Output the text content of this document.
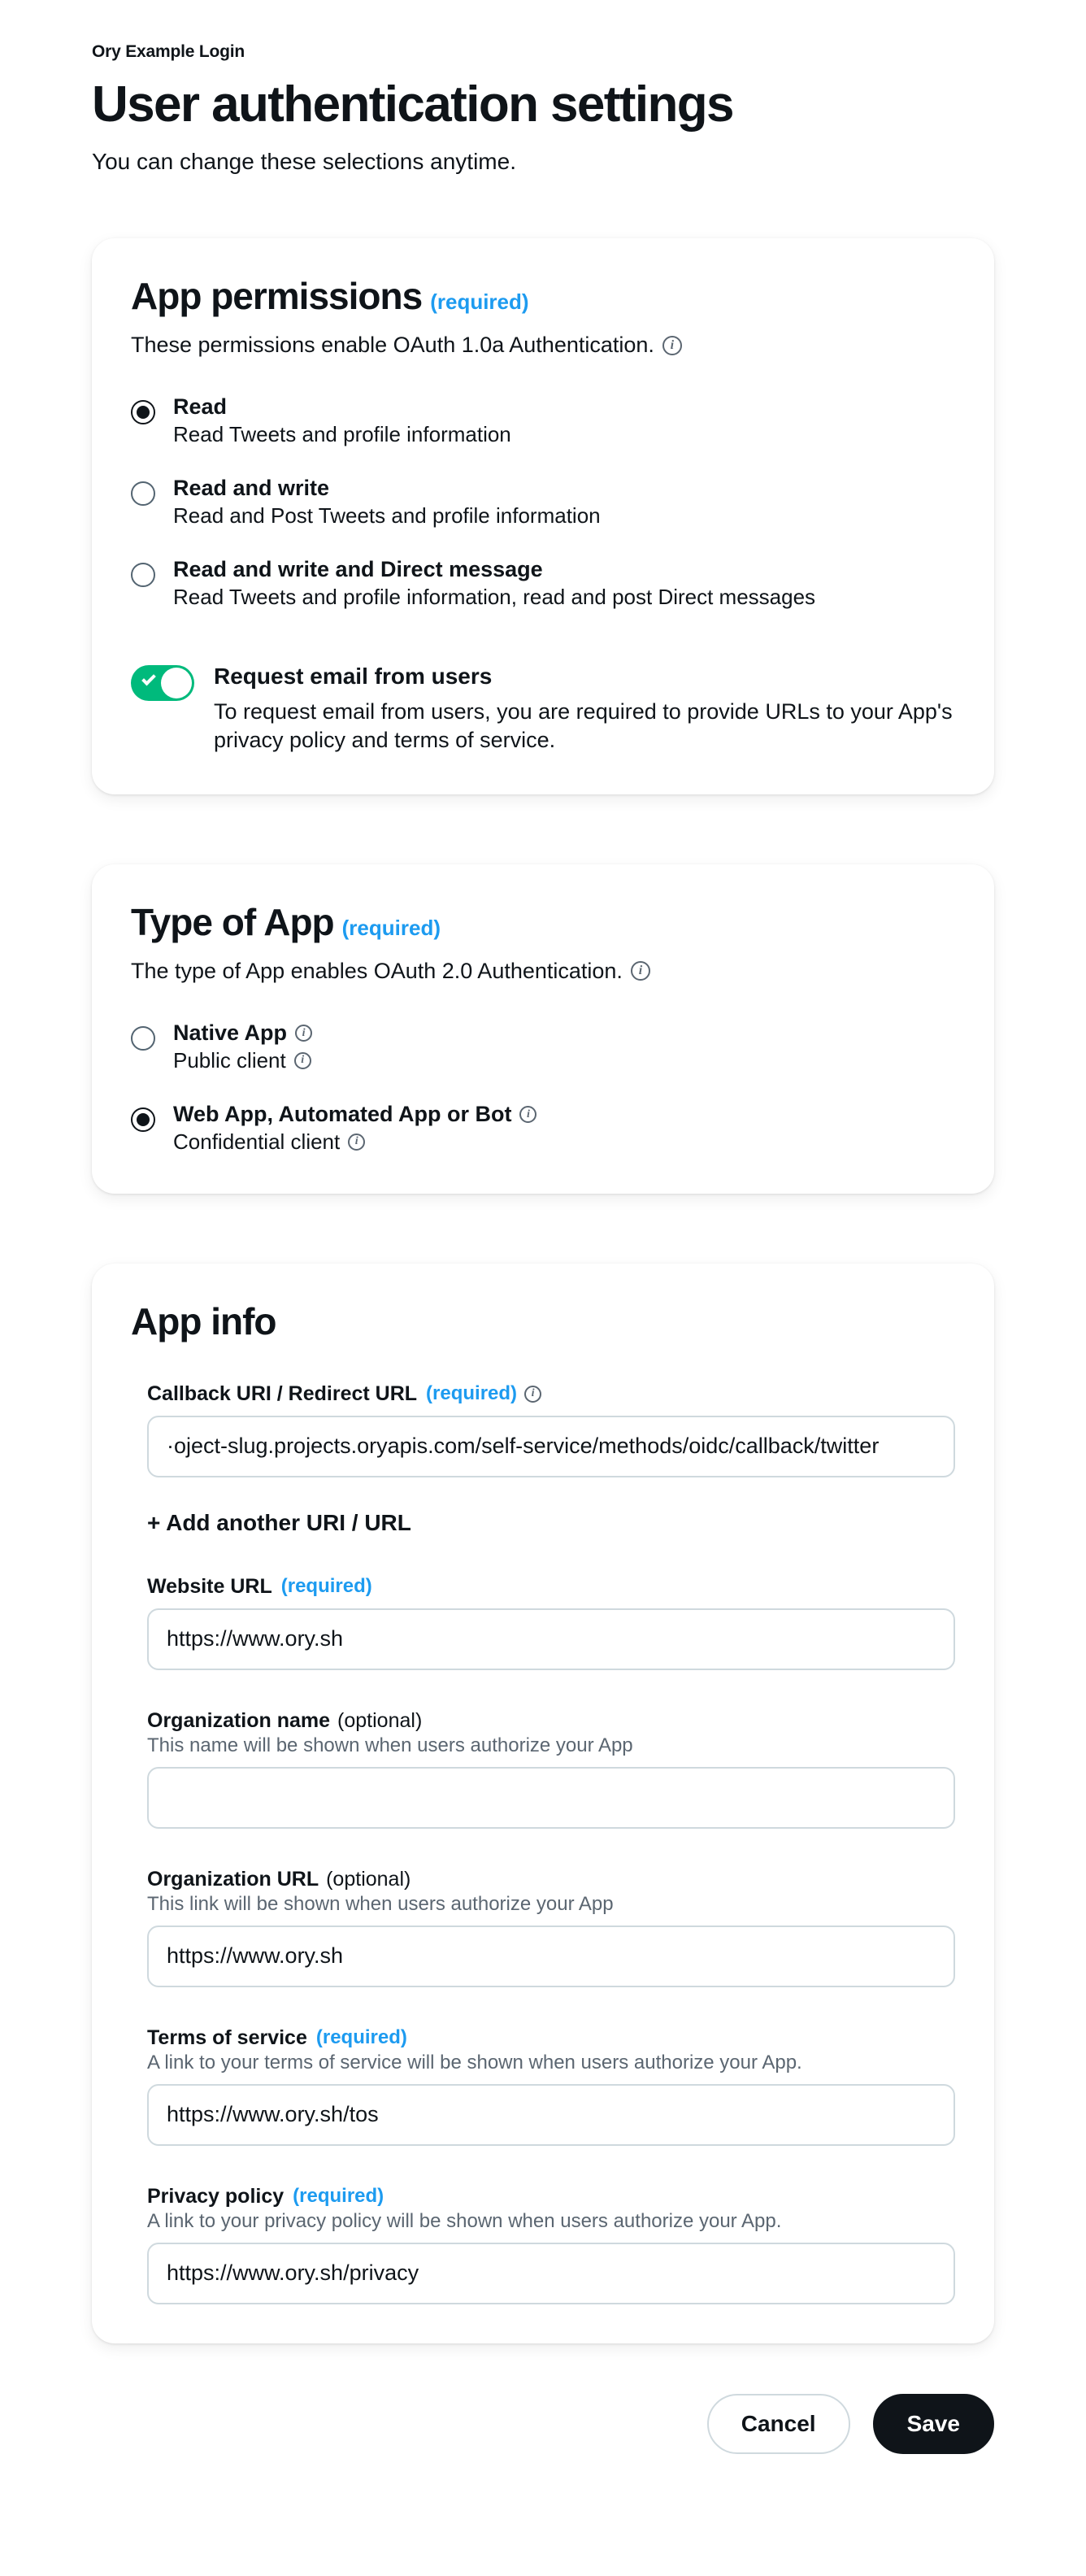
Ory Example Login
User authentication settings
You can change these selections anytime.
App permissions (required)
These permissions enable OAuth 1.0a Authentication.	i
Read
Read Tweets and profile information
Read and write
Read and Post Tweets and profile information
Read and write and Direct message
Read Tweets and profile information, read and post Direct messages
Request email from users
To request email from users, you are required to provide URLs to your App's privacy policy and terms of service.
Type of App (required)
The type of App enables OAuth 2.0 Authentication.	i
Native App	i
Public client	i
Web App, Automated App or Bot	i
Confidential client	i
App info
Callback URI / Redirect URL (required)	i
·oject-slug.projects.oryapis.com/self-service/methods/oidc/callback/twitter
+ Add another URI / URL
Website URL (required)
https://www.ory.sh
Organization name (optional)
This name will be shown when users authorize your App
Organization URL (optional)
This link will be shown when users authorize your App
https://www.ory.sh
Terms of service (required)
A link to your terms of service will be shown when users authorize your App.
https://www.ory.sh/tos
Privacy policy (required)
A link to your privacy policy will be shown when users authorize your App.
https://www.ory.sh/privacy
Cancel	Save
